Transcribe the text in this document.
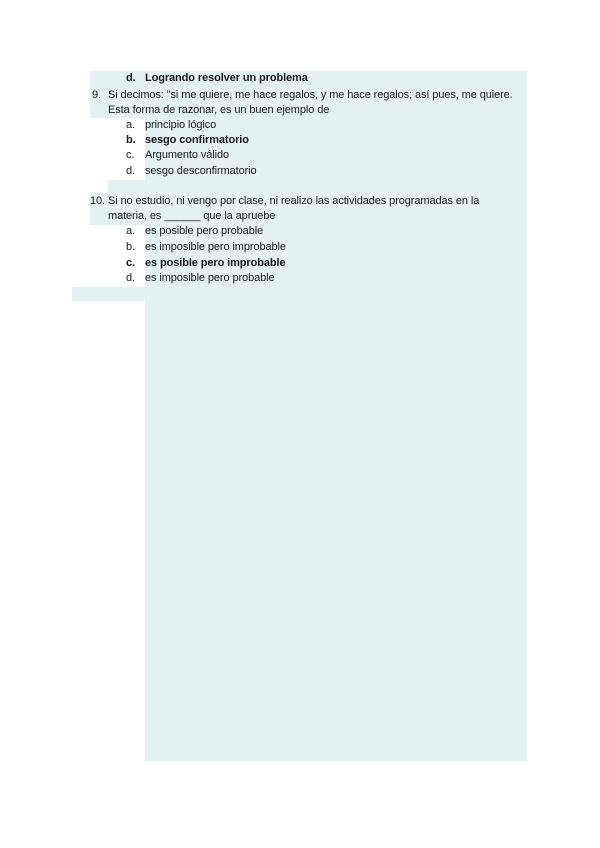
d. Logrando resolver un problema
9. Si decimos: "si me quiere, me hace regalos, y me hace regalos; así pues, me quiere.
Esta forma de razonar, es un buen ejemplo de
a. principio lógico
b. sesgo confirmatorio
c. Argumento válido
d. sesgo desconfirmatorio
10. Si no estudio, ni vengo por clase, ni realizo las actividades programadas en la
materia, es ______ que la apruebe
a. es posible pero probable
b. es imposible pero improbable
c. es posible pero improbable
d. es imposible pero probable
